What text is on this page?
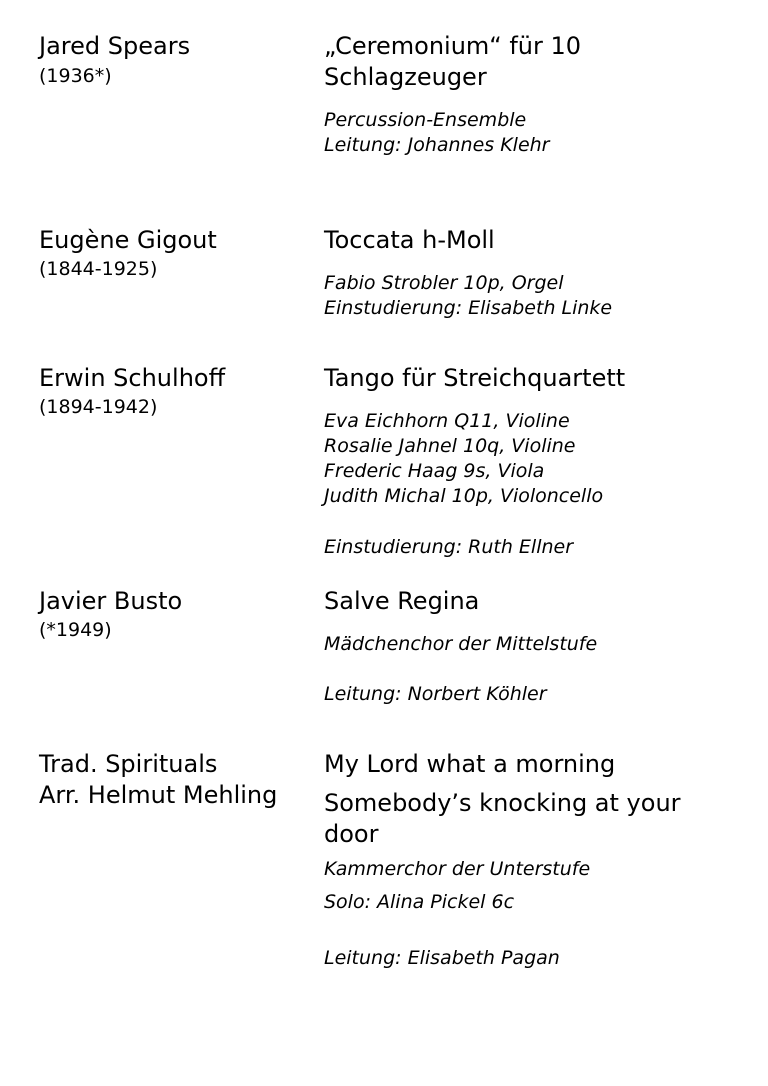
Jared Spears
(1936*)
„Ceremonium“ für 10
Schlagzeuger
Percussion-Ensemble
Leitung: Johannes Klehr
Eugène Gigout
(1844-1925)
Toccata h-Moll
Fabio Strobler 10p, Orgel
Einstudierung: Elisabeth Linke
Erwin Schulhoff
(1894-1942)
Tango für Streichquartett
Eva Eichhorn Q11, Violine
Rosalie Jahnel 10q, Violine
Frederic Haag 9s, Viola
Judith Michal 10p, Violoncello
Einstudierung: Ruth Ellner
Javier Busto
(*1949)
Salve Regina
Mädchenchor der Mittelstufe
Leitung: Norbert Köhler
Trad. Spirituals
Arr. Helmut Mehling
My Lord what a morning
Somebody’s knocking at your
door
Kammerchor der Unterstufe
Solo: Alina Pickel 6c
Leitung: Elisabeth Pagan
